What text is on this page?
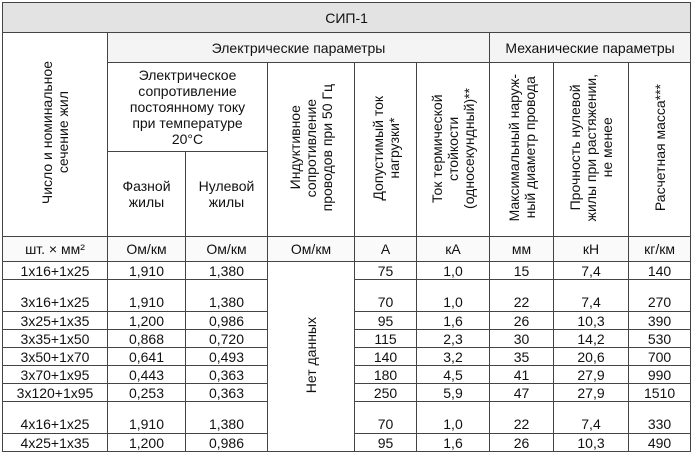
СИП-1								
Число и номинальное
сечение жил	Электрические параметры					Механические параметры		
	Электрическое
сопротивление
постоянному току
при температуре
20°С		Индуктивное
сопротивление
проводов при 50 Гц	Допустимый ток
нагрузки*	Ток термической
стойкости
(односекундный)**	Максимальный наруж-
ный диаметр провода	Прочность нулевой
жилы при растяжении,
не менее	Расчетная масса***
	Фазной
жилы	Нулевой
жилы						
шт. × мм²	Ом/км	Ом/км	Ом/км	А	кА	мм	кН	кг/км
1х16+1х25	1,910	1,380	Нет данных	75	1,0	15	7,4	140
3х16+1х25	1,910	1,380		70	1,0	22	7,4	270
3х25+1х35	1,200	0,986		95	1,6	26	10,3	390
3х35+1х50	0,868	0,720		115	2,3	30	14,2	530
3х50+1х70	0,641	0,493		140	3,2	35	20,6	700
3х70+1х95	0,443	0,363		180	4,5	41	27,9	990
3х120+1х95	0,253	0,363		250	5,9	47	27,9	1510
4х16+1х25	1,910	1,380		70	1,0	22	7,4	330
4х25+1х35	1,200	0,986		95	1,6	26	10,3	490
